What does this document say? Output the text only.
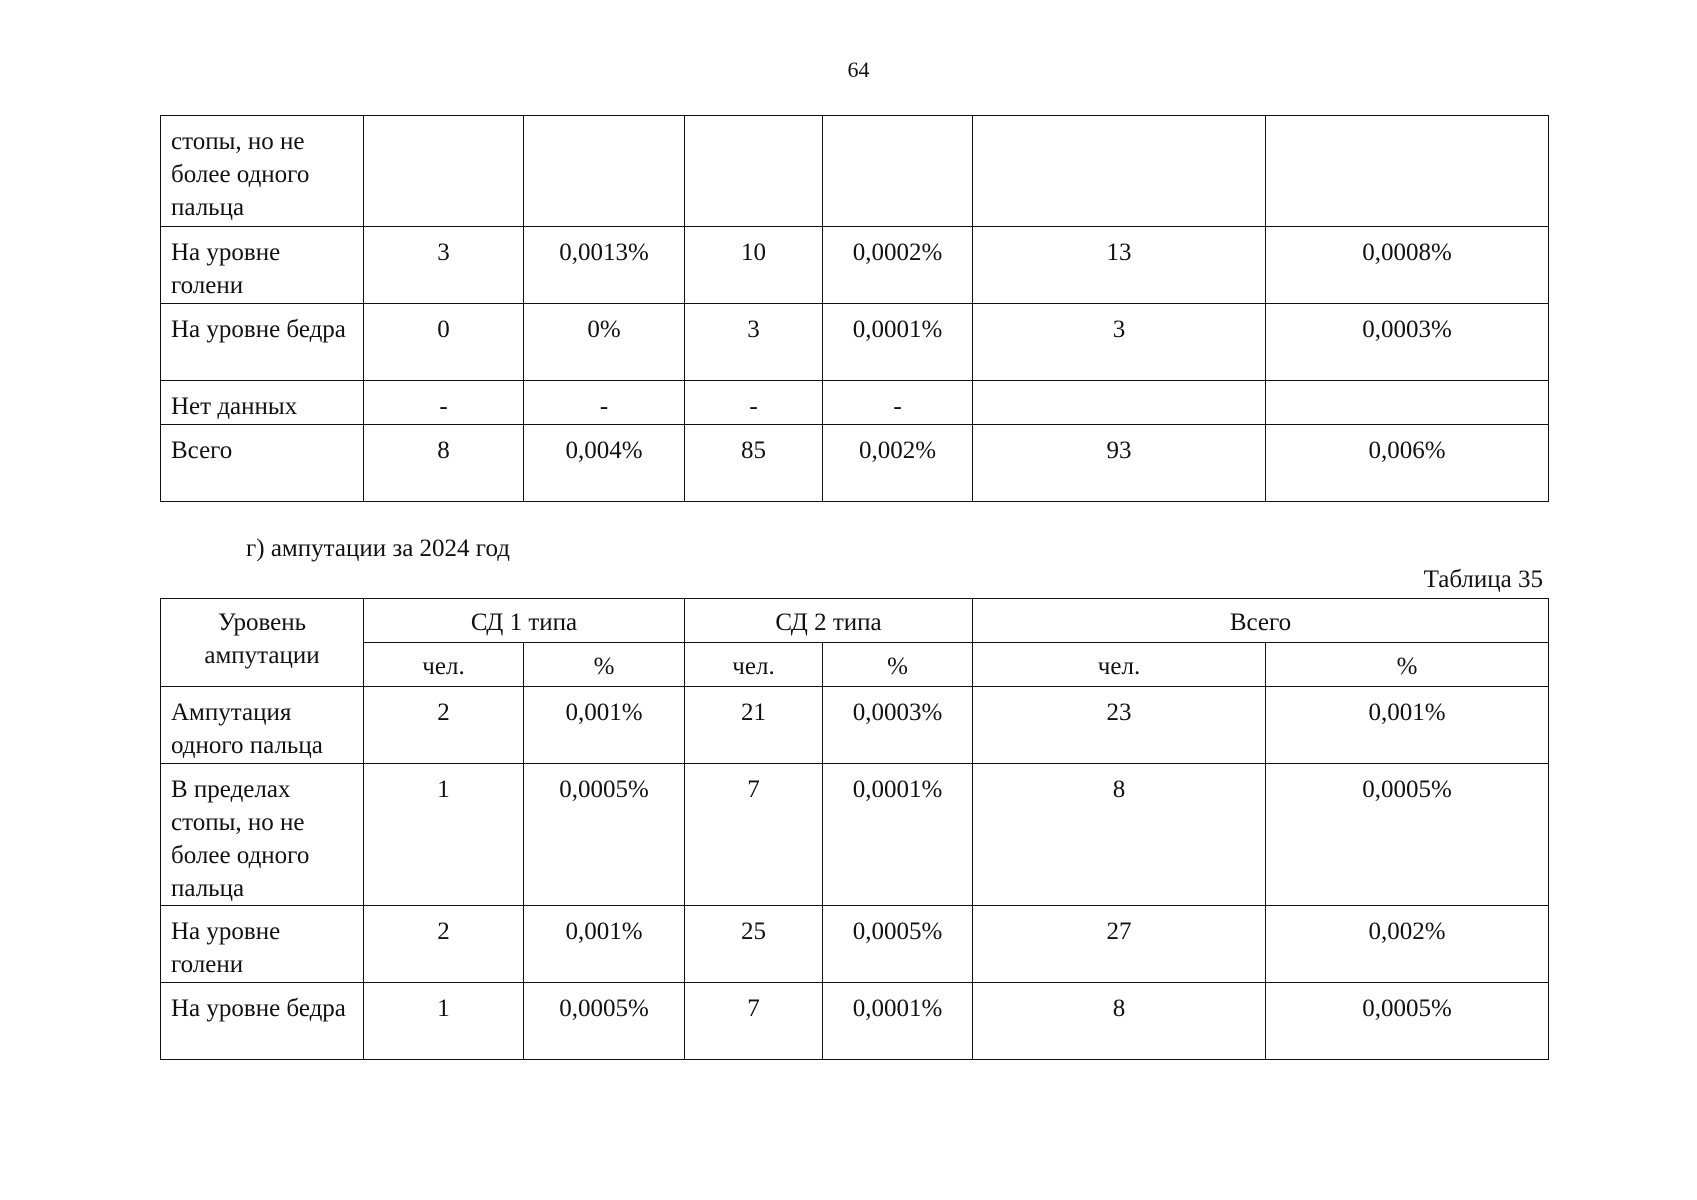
64
стопы, но не более одного пальца						
На уровне голени	3	0,0013%	10	0,0002%	13	0,0008%
На уровне бедра	0	0%	3	0,0001%	3	0,0003%
Нет данных	-	-	-	-		
Всего	8	0,004%	85	0,002%	93	0,006%
г) ампутации за 2024 год
Таблица 35
Уровень ампутации	СД 1 типа		СД 2 типа		Всего	
	чел.	%	чел.	%	чел.	%
Ампутация одного пальца	2	0,001%	21	0,0003%	23	0,001%
В пределах стопы, но не более одного пальца	1	0,0005%	7	0,0001%	8	0,0005%
На уровне голени	2	0,001%	25	0,0005%	27	0,002%
На уровне бедра	1	0,0005%	7	0,0001%	8	0,0005%
